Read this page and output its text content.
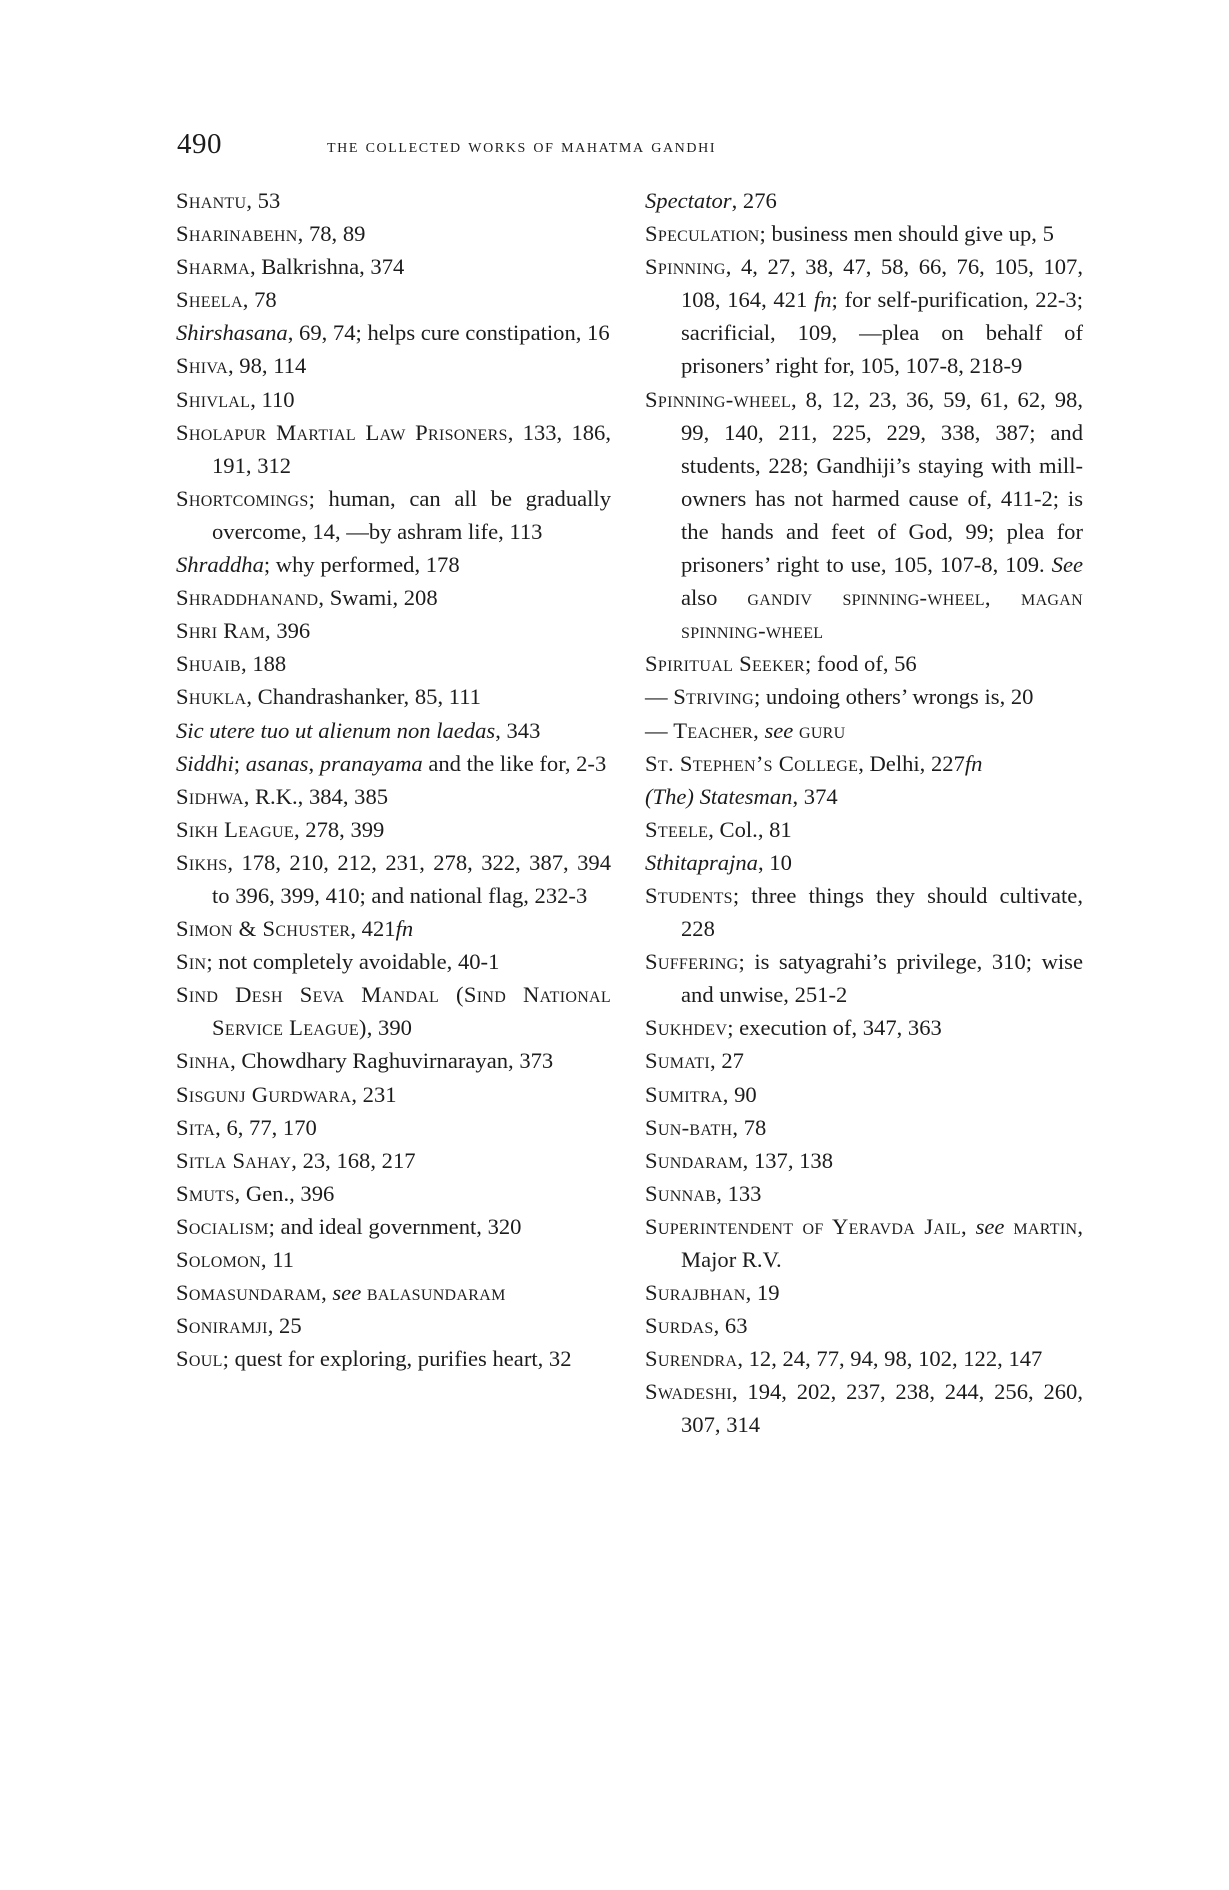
490	the collected works of mahatma gandhi
Shantu, 53
Sharinabehn, 78, 89
Sharma, Balkrishna, 374
Sheela, 78
Shirshasana, 69, 74; helps cure constipation, 16
Shiva, 98, 114
Shivlal, 110
Sholapur Martial Law Prisoners, 133, 186, 191, 312
Shortcomings; human, can all be gradually overcome, 14, —by ashram life, 113
Shraddha; why performed, 178
Shraddhanand, Swami, 208
Shri Ram, 396
Shuaib, 188
Shukla, Chandrashanker, 85, 111
Sic utere tuo ut alienum non laedas, 343
Siddhi; asanas, pranayama and the like for, 2-3
Sidhwa, R.K., 384, 385
Sikh League, 278, 399
Sikhs, 178, 210, 212, 231, 278, 322, 387, 394 to 396, 399, 410; and national flag, 232-3
Simon & Schuster, 421fn
Sin; not completely avoidable, 40-1
Sind Desh Seva Mandal (Sind National Service League), 390
Sinha, Chowdhary Raghuvirnarayan, 373
Sisgunj Gurdwara, 231
Sita, 6, 77, 170
Sitla Sahay, 23, 168, 217
Smuts, Gen., 396
Socialism; and ideal government, 320
Solomon, 11
Somasundaram, see balasundaram
Soniramji, 25
Soul; quest for exploring, purifies heart, 32
Spectator, 276
Speculation; business men should give up, 5
Spinning, 4, 27, 38, 47, 58, 66, 76, 105, 107, 108, 164, 421 fn; for self-purification, 22-3; sacrificial, 109, —plea on behalf of prisoners’ right for, 105, 107-8, 218-9
Spinning-wheel, 8, 12, 23, 36, 59, 61, 62, 98, 99, 140, 211, 225, 229, 338, 387; and students, 228; Gandhiji’s staying with mill-owners has not harmed cause of, 411-2; is the hands and feet of God, 99; plea for prisoners’ right to use, 105, 107-8, 109. See also gandiv spinning-wheel, magan spinning-wheel
Spiritual Seeker; food of, 56
— Striving; undoing others’ wrongs is, 20
— Teacher, see guru
St. Stephen’s College, Delhi, 227fn
(The) Statesman, 374
Steele, Col., 81
Sthitaprajna, 10
Students; three things they should cultivate, 228
Suffering; is satyagrahi’s privilege, 310; wise and unwise, 251-2
Sukhdev; execution of, 347, 363
Sumati, 27
Sumitra, 90
Sun-bath, 78
Sundaram, 137, 138
Sunnab, 133
Superintendent of Yeravda Jail, see martin, Major R.V.
Surajbhan, 19
Surdas, 63
Surendra, 12, 24, 77, 94, 98, 102, 122, 147
Swadeshi, 194, 202, 237, 238, 244, 256, 260, 307, 314
